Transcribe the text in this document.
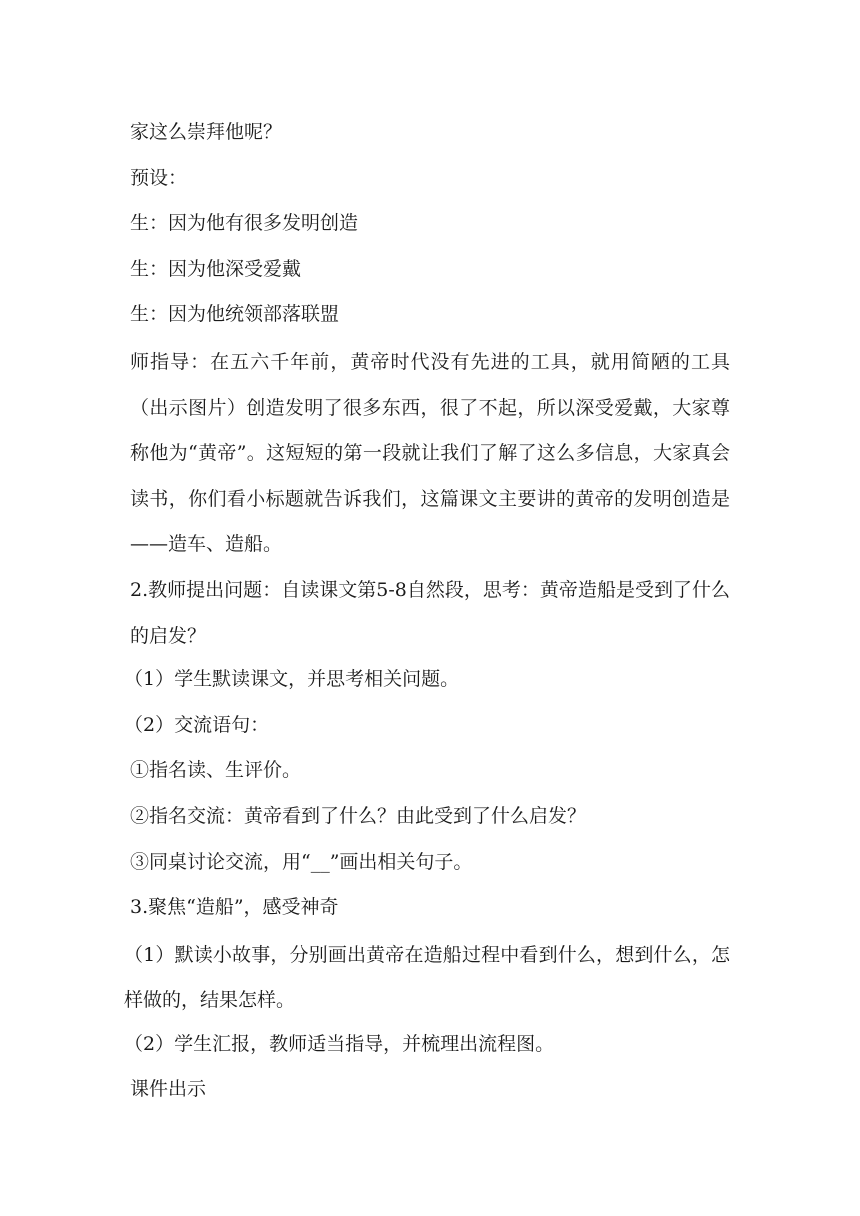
家这么崇拜他呢？
预设：
生：因为他有很多发明创造
生：因为他深受爱戴
生：因为他统领部落联盟
师指导：在五六千年前，黄帝时代没有先进的工具，就用简陋的工具（出示图片）创造发明了很多东西，很了不起，所以深受爱戴，大家尊称他为“黄帝”。这短短的第一段就让我们了解了这么多信息，大家真会读书，你们看小标题就告诉我们，这篇课文主要讲的黄帝的发明创造是——造车、造船。
2.教师提出问题：自读课文第5-8自然段，思考：黄帝造船是受到了什么的启发？
（1）学生默读课文，并思考相关问题。
（2）交流语句：
①指名读、生评价。
②指名交流：黄帝看到了什么？由此受到了什么启发？
③同桌讨论交流，用“__”画出相关句子。
3.聚焦“造船”，感受神奇
（1）默读小故事，分别画出黄帝在造船过程中看到什么，想到什么，怎样做的，结果怎样。
（2）学生汇报，教师适当指导，并梳理出流程图。
课件出示
